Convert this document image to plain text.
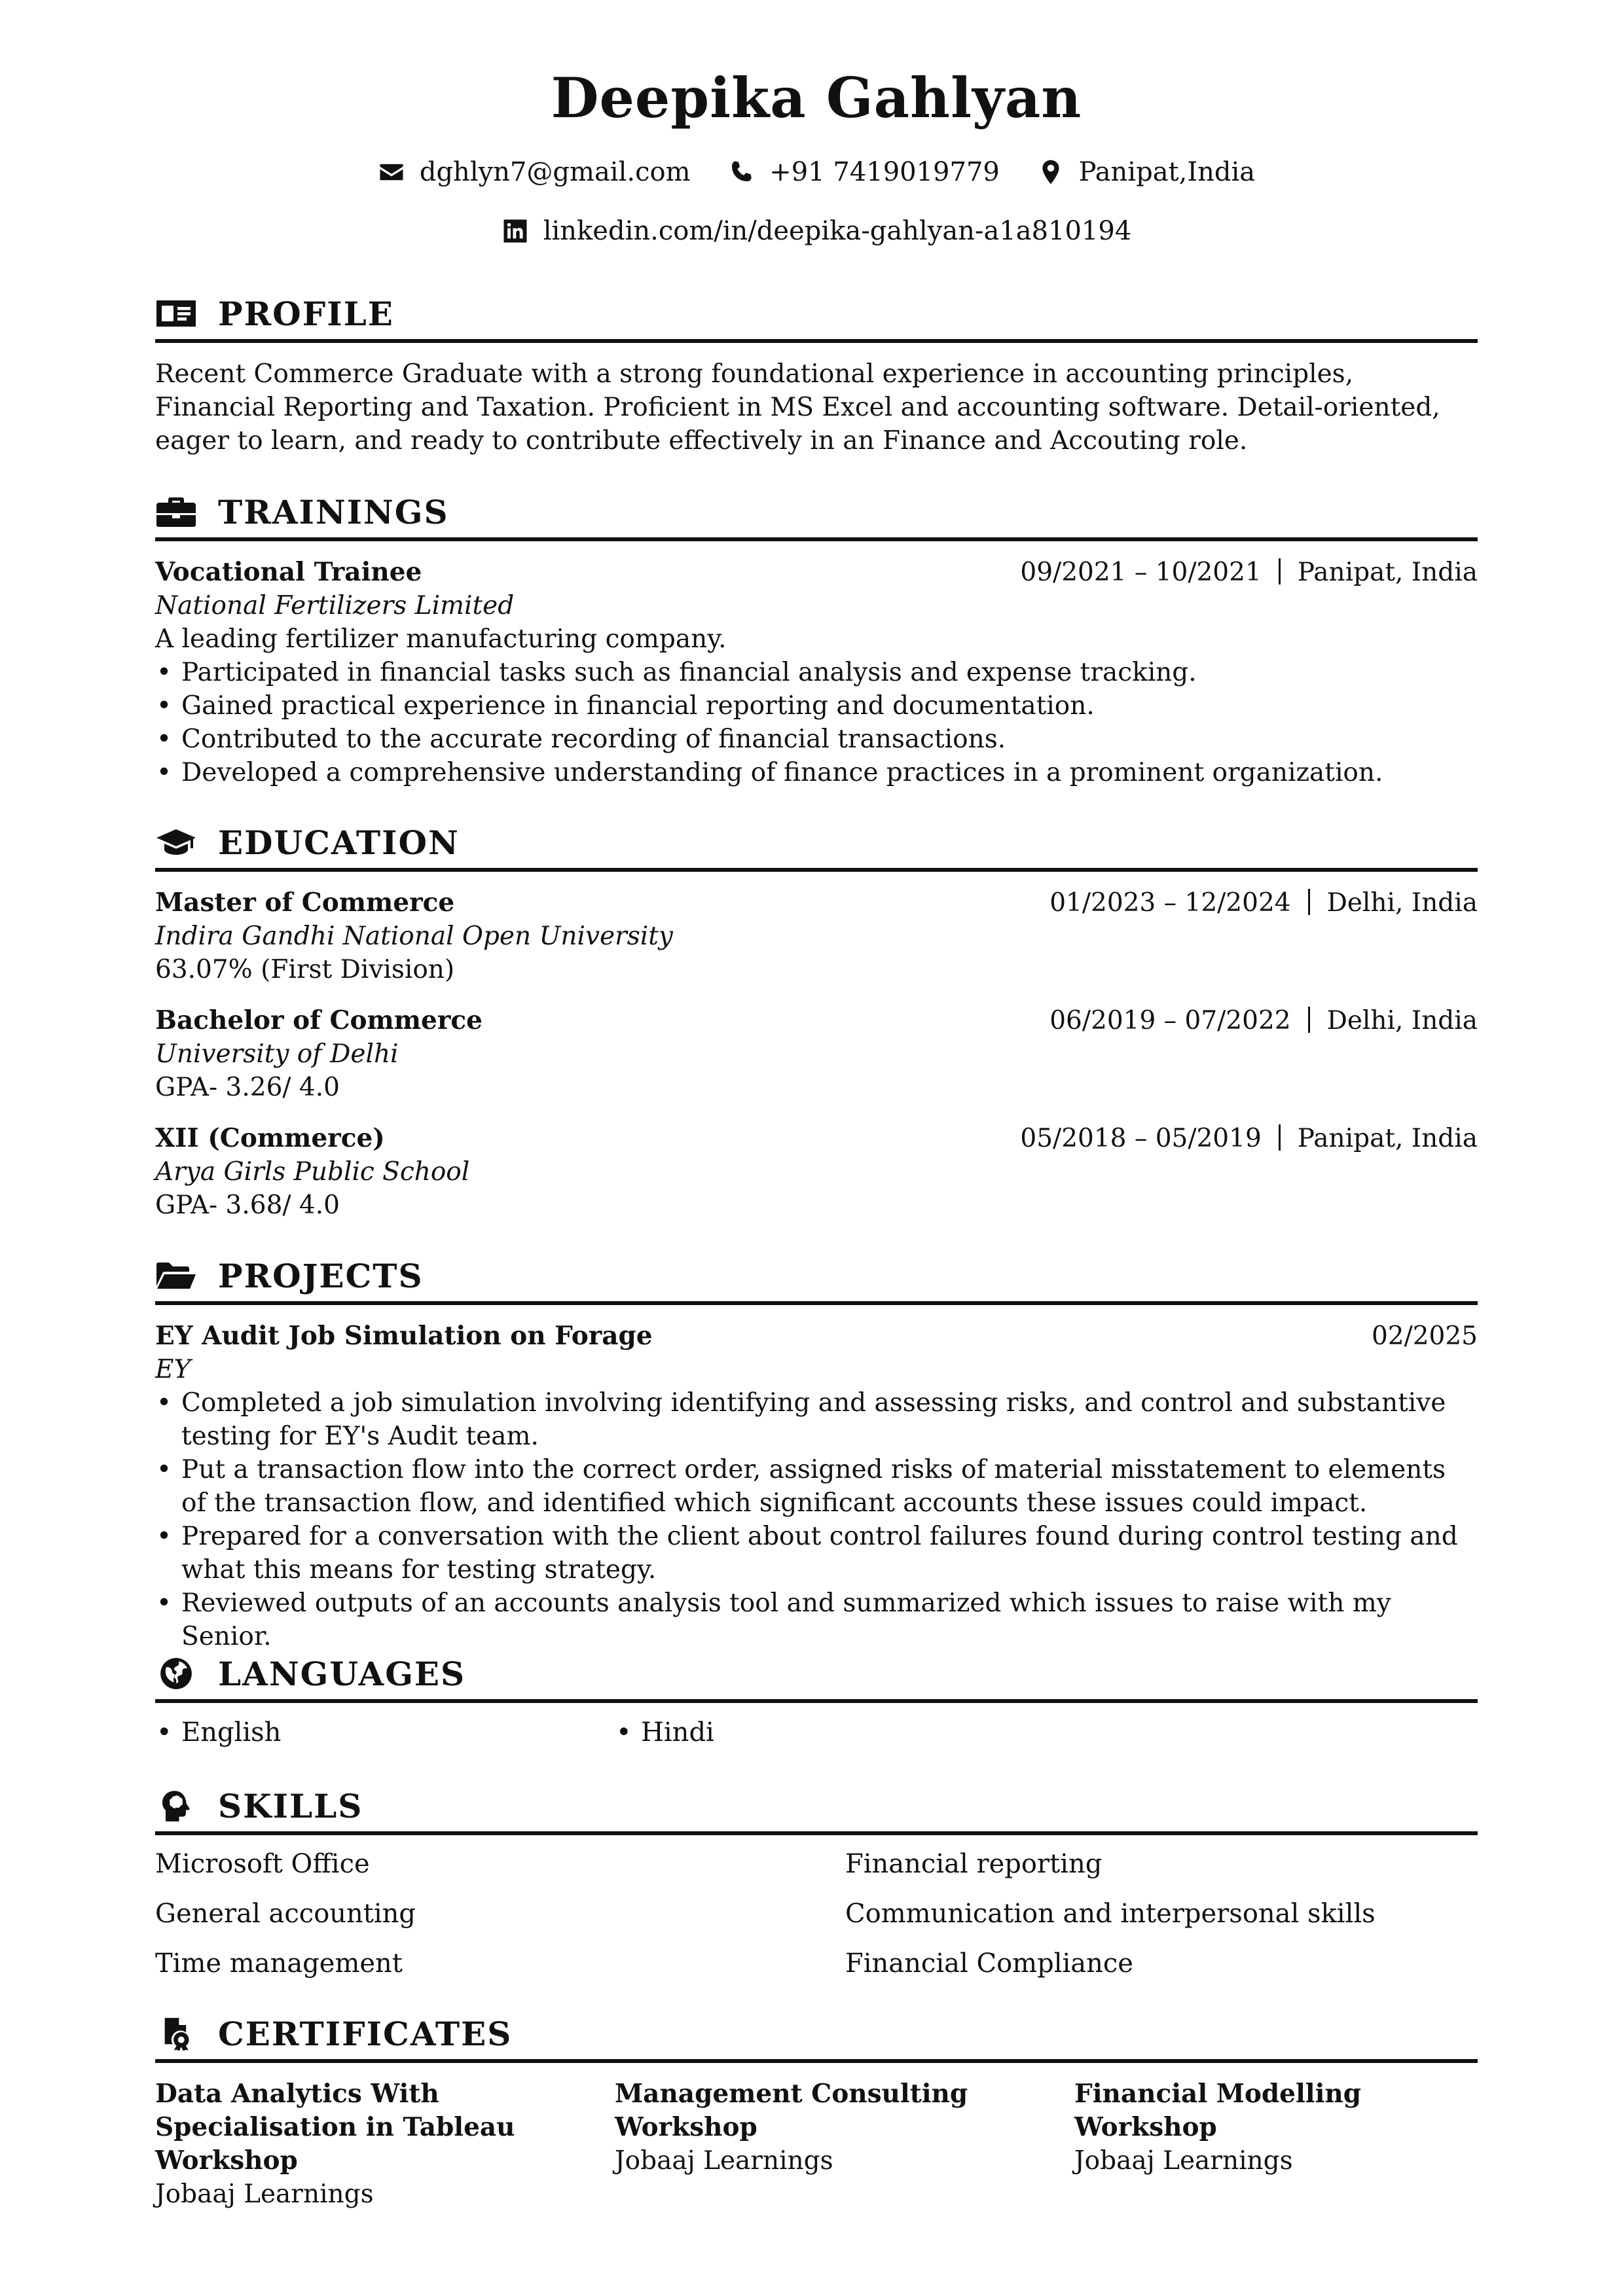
Deepika Gahlyan
dghlyn7@gmail.com
	+91 7419019779
	Panipat,India
linkedin.com/in/deepika-gahlyan-a1a810194
PROFILE
Recent Commerce Graduate with a strong foundational experience in accounting principles, Financial Reporting and Taxation. Proficient in MS Excel and accounting software. Detail-oriented, eager to learn, and ready to contribute effectively in an Finance and Accouting role.
TRAININGS
Vocational Trainee	09/2021 – 10/2021 Panipat, India
National Fertilizers Limited
A leading fertilizer manufacturing company.
• Participated in financial tasks such as financial analysis and expense tracking.
• Gained practical experience in financial reporting and documentation.
• Contributed to the accurate recording of financial transactions.
• Developed a comprehensive understanding of finance practices in a prominent organization.
EDUCATION
Master of Commerce	01/2023 – 12/2024 Delhi, India
Indira Gandhi National Open University
63.07% (First Division)
Bachelor of Commerce	06/2019 – 07/2022 Delhi, India
University of Delhi
GPA- 3.26/ 4.0
XII (Commerce)	05/2018 – 05/2019 Panipat, India
Arya Girls Public School
GPA- 3.68/ 4.0
PROJECTS
EY Audit Job Simulation on Forage	02/2025
EY
• Completed a job simulation involving identifying and assessing risks, and control and substantive testing for EY's Audit team.
• Put a transaction flow into the correct order, assigned risks of material misstatement to elements of the transaction flow, and identified which significant accounts these issues could impact.
• Prepared for a conversation with the client about control failures found during control testing and what this means for testing strategy.
• Reviewed outputs of an accounts analysis tool and summarized which issues to raise with my Senior.
LANGUAGES
• English
•	Hindi
SKILLS
Microsoft Office	Financial reporting
General accounting	Communication and interpersonal skills
Time management	Financial Compliance
CERTIFICATES
Data Analytics With Specialisation in Tableau Workshop
Jobaaj Learnings
Management Consulting Workshop
Jobaaj Learnings
Financial Modelling Workshop
Jobaaj Learnings
